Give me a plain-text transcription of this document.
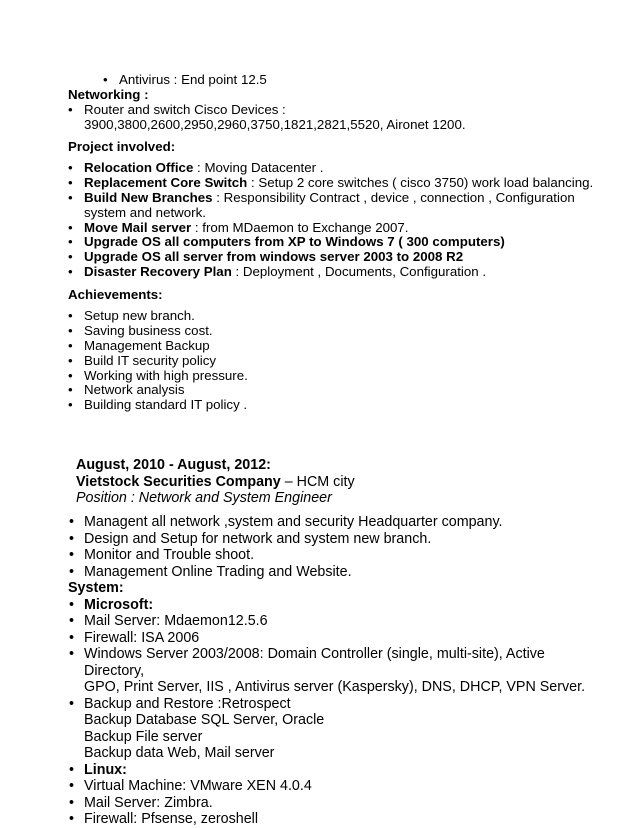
• Antivirus : End point 12.5
Networking :
• Router and switch Cisco Devices :
3900,3800,2600,2950,2960,3750,1821,2821,5520, Aironet 1200.
Project involved:
• Relocation Office : Moving Datacenter .
• Replacement Core Switch : Setup 2 core switches ( cisco 3750) work load balancing.
• Build New Branches : Responsibility Contract , device , connection , Configuration
system and network.
• Move Mail server : from MDaemon to Exchange 2007.
• Upgrade OS all computers from XP to Windows 7 ( 300 computers)
• Upgrade OS all server from windows server 2003 to 2008 R2
• Disaster Recovery Plan : Deployment , Documents, Configuration .
Achievements:
• Setup new branch.
• Saving business cost.
• Management Backup
• Build IT security policy
• Working with high pressure.
• Network analysis
• Building standard IT policy .
August, 2010 - August, 2012:
Vietstock Securities Company – HCM city
Position : Network and System Engineer
• Managent all network ,system and security Headquarter company.
• Design and Setup for network and system new branch.
• Monitor and Trouble shoot.
• Management Online Trading and Website.
System:
• Microsoft:
• Mail Server: Mdaemon12.5.6
• Firewall: ISA 2006
• Windows Server 2003/2008: Domain Controller (single, multi-site), Active Directory,
GPO, Print Server, IIS , Antivirus server (Kaspersky), DNS, DHCP, VPN Server.
• Backup and Restore :Retrospect
Backup Database SQL Server, Oracle
Backup File server
Backup data Web, Mail server
• Linux:
• Virtual Machine: VMware XEN 4.0.4
• Mail Server: Zimbra.
• Firewall: Pfsense, zeroshell
